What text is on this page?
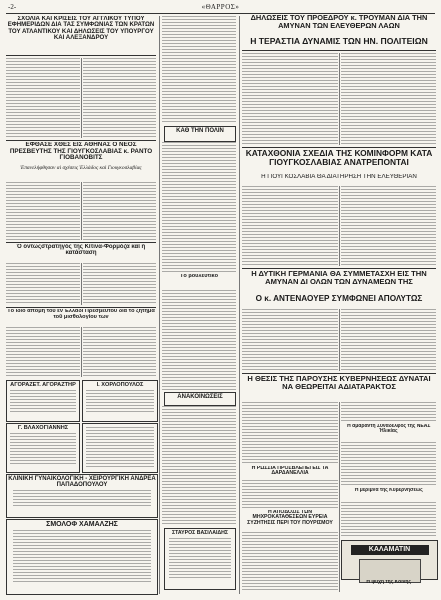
-2-	«ΘΑΡΡΟΣ»

ΣΧΟΛΙΑ ΚΑΙ ΚΡΙΣΕΙΣ ΤΟΥ ΑΓΓΛΙΚΟΥ ΤΥΠΟΥ ΕΦΗΜΕΡΙΔΩΝ ΔΙΑ ΤΑΣ ΣΥΜΦΩΝΙΑΣ ΤΩΝ ΚΡΑΤΩΝ ΤΟΥ ΑΤΛΑΝΤΙΚΟΥ ΚΑΙ ΔΗΛΩΣΕΙΣ ΤΟΥ ΥΠΟΥΡΓΟΥ ΚΑΙ ΑΛΕΞΑΝΔΡΟΥ

ΕΦΘΑΣΕ ΧΘΕΣ ΕΙΣ ΑΘΗΝΑΣ Ο ΝΕΟΣ ΠΡΕΣΒΕΥΤΗΣ ΤΗΣ ΓΙΟΥΓΚΟΣΛΑΒΙΑΣ κ. ΡΑΝΤΟ ΓΙΟΒΑΝΟΒΙΤΣ

Ἐπανελήφθησαν αἱ σχέσεις Ἑλλάδος καὶ Γιουγκοσλαβίας

Ὁ ὄντωςστρατηγός της Κίτινα-Φορμόζα καὶ ἡ κατάσταση

Τὸ ἴδιο ἀπόμη τοῦ ἐν Ἐλλάδι Πρεσβευτοῦ διὰ τὸ ζήτημα τοῦ μισθολογίου των

ΑΓΟΡΑΖΕΤ. ΑΓΟΡΑΖΤΗΡ	Ι. ΧΟΡΛΟΠΟΥΛΟΣ

Γ. ΒΛΑΧΟΓΙΑΝΝΗΣ

ΚΛΙΝΙΚΗ ΓΥΝΑΙΚΟΛΟΓΙΚΗ - ΧΕΙΡΟΥΡΓΙΚΗ ΑΝΔΡΕΑ ΠΑΠΑΔΟΠΟΥΛΟΥ

ΣΜΟΛΟΦ ΧΑΜΑΛΖΗΣ

ΚΑΘ ΤΗΝ ΠΟΛΙΝ

Τὸ βουλευτικὸ

ΑΝΑΚΟΙΝΩΣΕΙΣ

ΣΤΑΥΡΟΣ ΒΑΣΙΛΑΙΔΗΣ

ΔΗΛΩΣΕΙΣ ΤΟΥ ΠΡΟΕΔΡΟΥ κ. ΤΡΟΥΜΑΝ ΔΙΑ ΤΗΝ ΑΜΥΝΑΝ ΤΩΝ ΕΛΕΥΘΕΡΩΝ ΛΑΩΝ

Η ΤΕΡΑΣΤΙΑ ΔΥΝΑΜΙΣ ΤΩΝ ΗΝ. ΠΟΛΙΤΕΙΩΝ

ΚΑΤΑΧΘΟΝΙΑ ΣΧΕΔΙΑ ΤΗΣ ΚΟΜΙΝΦΟΡΜ ΚΑΤΑ ΓΙΟΥΓΚΟΣΛΑΒΙΑΣ ΑΝΑΤΡΕΠΟΝΤΑΙ

Η ΓΙΟΥΓΚΟΣΛΑΒΙΑ ΘΑ ΔΙΑΤΗΡΗΣΗ ΤΗΝ ΕΛΕΥΘΕΡΙΑΝ

Η ΔΥΤΙΚΗ ΓΕΡΜΑΝΙΑ ΘΑ ΣΥΜΜΕΤΑΣΧΗ ΕΙΣ ΤΗΝ ΑΜΥΝΑΝ ΔΙ ΟΛΩΝ ΤΩΝ ΔΥΝΑΜΕΩΝ ΤΗΣ

Ο κ. ΑΝΤΕΝΑΟΥΕΡ ΣΥΜΦΩΝΕΙ ΑΠΟΛΥΤΩΣ

Η ΘΕΣΙΣ ΤΗΣ ΠΑΡΟΥΣΗΣ ΚΥΒΕΡΝΗΣΕΩΣ ΔΥΝΑΤΑΙ ΝΑ ΘΕΩΡΕΙΤΑΙ ΑΔΙΑΤΑΡΑΚΤΟΣ

Η ΡΩΣΣΙΑ ΠΡΟΣΒΛΕΠΕΙ ΕΙΣ ΤΑ ΔΑΡΔΑΝΕΛΛΙΑ

Η ΑΠΟΔΟΣΙΣ ΤΩΝ ΜΗΧΡΟΚΑΤΑΘΕΣΕΩΝ ΕΥΡΕΙΑ ΣΥΖΗΤΗΣΙΣ ΠΕΡΙ ΤΟΥ ΠΟΥΡΙΣΜΟΥ

Ἡ ἀμάραντη Συνάδελφος τῆς ΝΕΑΣ Ἡλικίας

Ἡ μέριμνα τῆς Κυβερνήσεως

ΚΑΛΑΜΑΤΙΝ

Ἡ ψυχὴ τῆς Κοινής
